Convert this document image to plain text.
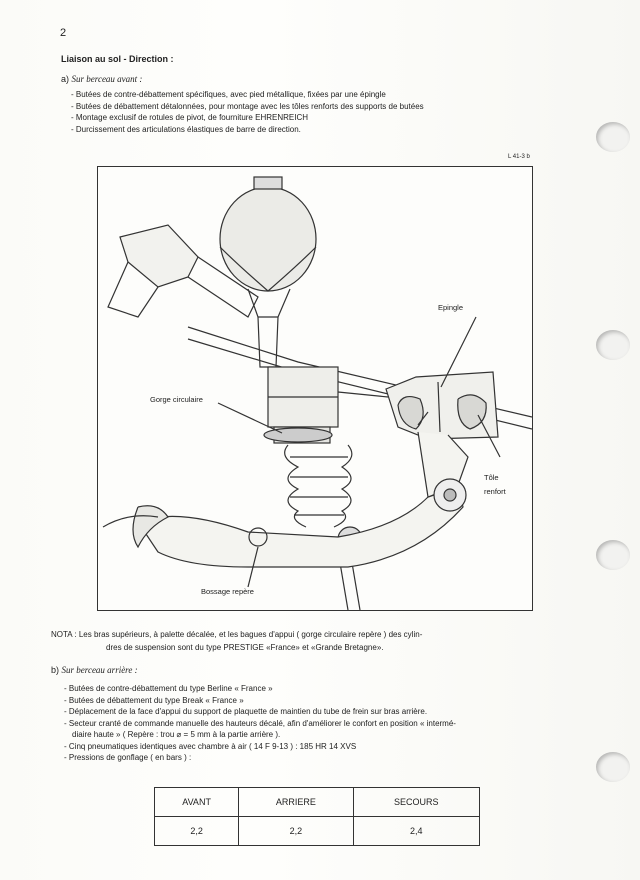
2
Liaison au sol - Direction :
a) Sur berceau avant :
- Butées de contre-débattement spécifiques, avec pied métallique, fixées par une épingle
- Butées de débattement détalonnées, pour montage avec les tôles renforts des supports de butées
- Montage exclusif de rotules de pivot, de fourniture EHRENREICH
- Durcissement des articulations élastiques de barre de direction.
L 41-3 b
Epingle
Gorge circulaire
Tôle
renfort
Bossage repère
NOTA : Les bras supérieurs, à palette décalée, et les bagues d'appui ( gorge circulaire repère ) des cylin-
dres de suspension sont du type PRESTIGE «France» et «Grande Bretagne».
b) Sur berceau arrière :
- Butées de contre-débattement du type Berline « France »
- Butées de débattement du type Break « France »
- Déplacement de la face d'appui du support de plaquette de maintien du tube de frein sur bras arrière.
- Secteur cranté de commande manuelle des hauteurs décalé, afin d'améliorer le confort en position « intermé-
diaire haute » ( Repère : trou ⌀ = 5 mm à la partie arrière ).
- Cinq pneumatiques identiques avec chambre à air ( 14 F 9-13 ) : 185 HR 14 XVS
- Pressions de gonflage ( en bars ) :
AVANT	ARRIERE	SECOURS
2,2	2,2	2,4
